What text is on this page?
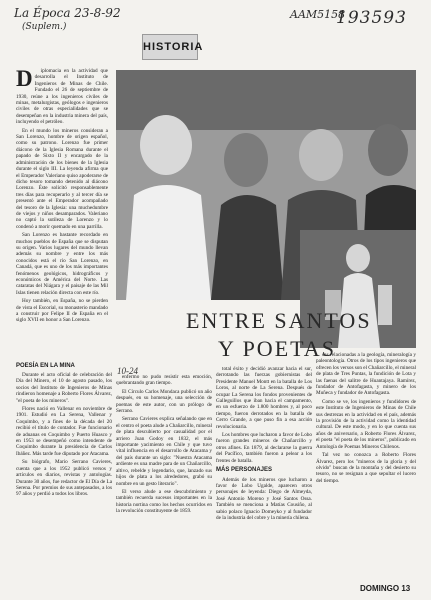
La Época 23-8-92
(Suplem.)
AAM5158
193593
HISTORIA
D	iplomacia en la actividad que desarrolla el Instituto de Ingenieros de Minas de Chile. Fundado el 26 de septiembre de 1930, reúne a los ingenieros civiles de minas, metalurgistas, geólogos e ingenieros civiles de otras especialidades que se desempeñan en la industria minera del país, incluyendo el petróleo.

En el mundo los mineros consideran a San Lorenzo, hombre de origen español, como su patrono. Lorenzo fue primer diácono de la Iglesia Romana durante el papado de Sixto II y encargado de la administración de los bienes de la Iglesia durante el siglo III. La leyenda afirma que el Emperador Valeriano quiso apoderarse de dicho tesoro tomando detenido al diácono Lorenzo. Éste solicitó responsablemente tres días para recuperarlo y al tercer día se presentó ante el Emperador acompañado del tesoro de la Iglesia: una muchedumbre de viejos y niños desamparados. Valeriano no captó la sutileza de Lorenzo y lo condenó a morir quemado en una parrilla.

San Lorenzo es bastante recordado en muchos pueblos de España que se disputan su origen. Varios lugares del mundo llevan además su nombre y entre los más conocidos está el río San Lorenzo, en Canadá, que es uno de los más importantes fenómenos geológicos, hidrográficos y económicos de América del Norte. Las cataratas del Niágara y el paisaje de las Mil Islas tienen relación directa con este río.

Hoy también, en España, no se pierden de vista el Escorial, su monasterio mandado a construir por Felipe II de España en el siglo XVII en honor a San Lorenzo.	ENTRE SANTOS
Y POETAS
POESÍA EN LA MINA	10-24

Durante el acto oficial de celebración del Día del Minero, el 10 de agosto pasado, los socios del Instituto de Ingenieros de Minas rindieron homenaje a Roberto Flores Álvarez, "el poeta de los mineros".

Flores nació en Vallenar en noviembre de 1901. Estudió en La Serena, Vallenar y Coquimbo, y a fines de la década del 20 recibió el título de contador. Fue funcionario de aduanas en Coquimbo y Puerto Huasco y en 1953 se desempeñó como intendente de Coquimbo durante la presidencia de Carlos Ibáñez. Más tarde fue diputado por Atacama.

Su biógrafo, Mario Serrano Cavieres, cuenta que a los 1952 publicó versos y artículos en diarios, revistas y antologías. Durante 30 años, fue redactor de El Día de La Serena. Por premios de sus antepasados, a los 97 años y perdió a todos los libros.

enfermo no pudo resistir esta emoción, quebrantando gran tiempo.

El Círculo Carlos Mondaca publicó un año después, en su homenaje, una selección de poemas de este autor, con un prólogo de Serrano.

Serrano Cavieres explica señalando que en el centro el poeta alude a Chañarcillo, mineral de plata descubierto por casualidad por el arriero Juan Godoy en 1832, el más importante yacimiento en Chile y que tuvo vital influencia en el desarrollo de Atacama y del país durante un siglo: "Nuestra Atacama ardiente es una madre para de un Chañarcillo, altivo, rebelde y legendario, que, lanzado sus hijos de plata a los alrededores, grabó su nombre en un gesto literario".

El verso alude a ese descubrimiento y también recuerda sucesos importantes en la historia nortina como los hechos ocurridos en la revolución constituyente de 1859.

total éxito y decidió avanzar hacia el sur, derrotando las fuerzas gobiernistas del Presidente Manuel Montt en la batalla de Los Loros, al norte de La Serena. Después de ocupar La Serena los fondos provenientes de Galleguillos que iban hacia el campamento, en un esfuerzo de 1.800 hombres y, al poco tiempo, fueron derrotados en la batalla de Cerro Grande, a que puso fin a esa acción revolucionaria.

Los hombres que lucharon a favor de Lobo fueron grandes mineros de Chañarcillo y otros afines. En 1879, al declararse la guerra del Pacífico, también fueron a pelear a los frentes de batalla.

MÁS PERSONAJES

Además de los mineros que lucharon a favor de Lobo Ugalde, aparecen otros personajes de leyenda: Diego de Almeyda, José Antonio Moreno y José Santos Ossa. También se menciona a Matías Cousiño, al sabio polaco Ignacio Domeyko y al fundador de la industria del cobre y la minería chilena.

cas relacionadas a la geología, mineralogía y paleontología. Otros de los tipos ingenieros que ofrecen los versos son el Chañarcillo, el mineral de plata de Tres Puntas, la fundición de Lota y las faenas del salitre de Huantajaya. Ramírez, fundador de Antofagasta, y minero de los Muñeca y fundador de Antofagasta.

Como se ve, los ingenieros y fundidores de este Instituto de Ingenieros de Minas de Chile sus destrezas en la actividad en el país, además la provisión de la actividad como la identidad cultural. De este modo, y en lo que cuenta sus años de aniversario, a Roberto Flores Álvarez, el poeta "el poeta de los mineros", publicado en Antología de Poemas Mineros Chilenos.

Tal vez no conozca a Roberto Flores Álvarez, pero los "mineros de la gloria y del olvido" buscan de la montaña y del desierto su tesoro, no se resignan a que sepultar el lucero del tiempo.

DOMINGO 13
